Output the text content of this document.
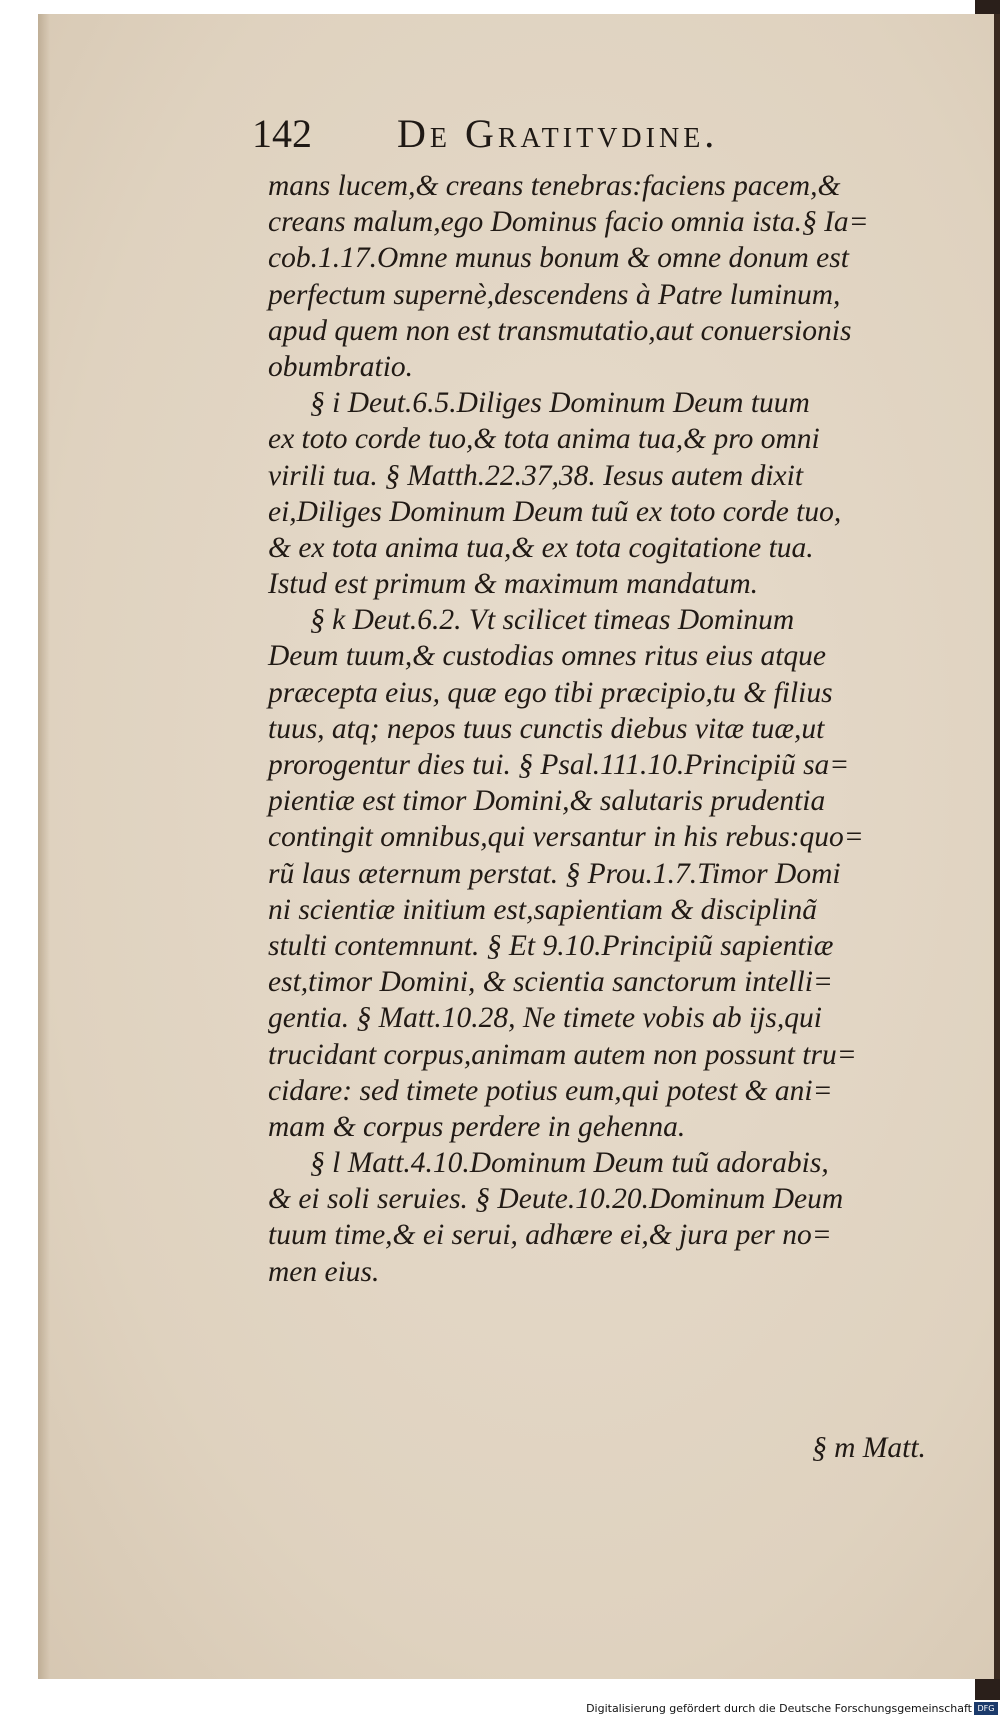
142 De Gratitvdine.
mans lucem,& creans tenebras:faciens pacem,&
creans malum,ego Dominus facio omnia ista.§ Ia=
cob.1.17.Omne munus bonum & omne donum est
perfectum supernè,descendens à Patre luminum,
apud quem non est transmutatio,aut conuersionis
obumbratio.
§ i Deut.6.5.Diliges Dominum Deum tuum
ex toto corde tuo,& tota anima tua,& pro omni
virili tua. § Matth.22.37,38. Iesus autem dixit
ei,Diliges Dominum Deum tuũ ex toto corde tuo,
& ex tota anima tua,& ex tota cogitatione tua.
Istud est primum & maximum mandatum.
§ k Deut.6.2. Vt scilicet timeas Dominum
Deum tuum,& custodias omnes ritus eius atque
præcepta eius, quæ ego tibi præcipio,tu & filius
tuus, atq; nepos tuus cunctis diebus vitæ tuæ,ut
prorogentur dies tui. § Psal.111.10.Principiũ sa=
pientiæ est timor Domini,& salutaris prudentia
contingit omnibus,qui versantur in his rebus:quo=
rũ laus æternum perstat. § Prou.1.7.Timor Domi
ni scientiæ initium est,sapientiam & disciplinã
stulti contemnunt. § Et 9.10.Principiũ sapientiæ
est,timor Domini, & scientia sanctorum intelli=
gentia. § Matt.10.28, Ne timete vobis ab ijs,qui
trucidant corpus,animam autem non possunt tru=
cidare: sed timete potius eum,qui potest & ani=
mam & corpus perdere in gehenna.
§ l Matt.4.10.Dominum Deum tuũ adorabis,
& ei soli seruies. § Deute.10.20.Dominum Deum
tuum time,& ei serui, adhære ei,& jura per no=
men eius.
§ m Matt.
Digitalisierung gefördert durch die Deutsche Forschungsgemeinschaft DFG
